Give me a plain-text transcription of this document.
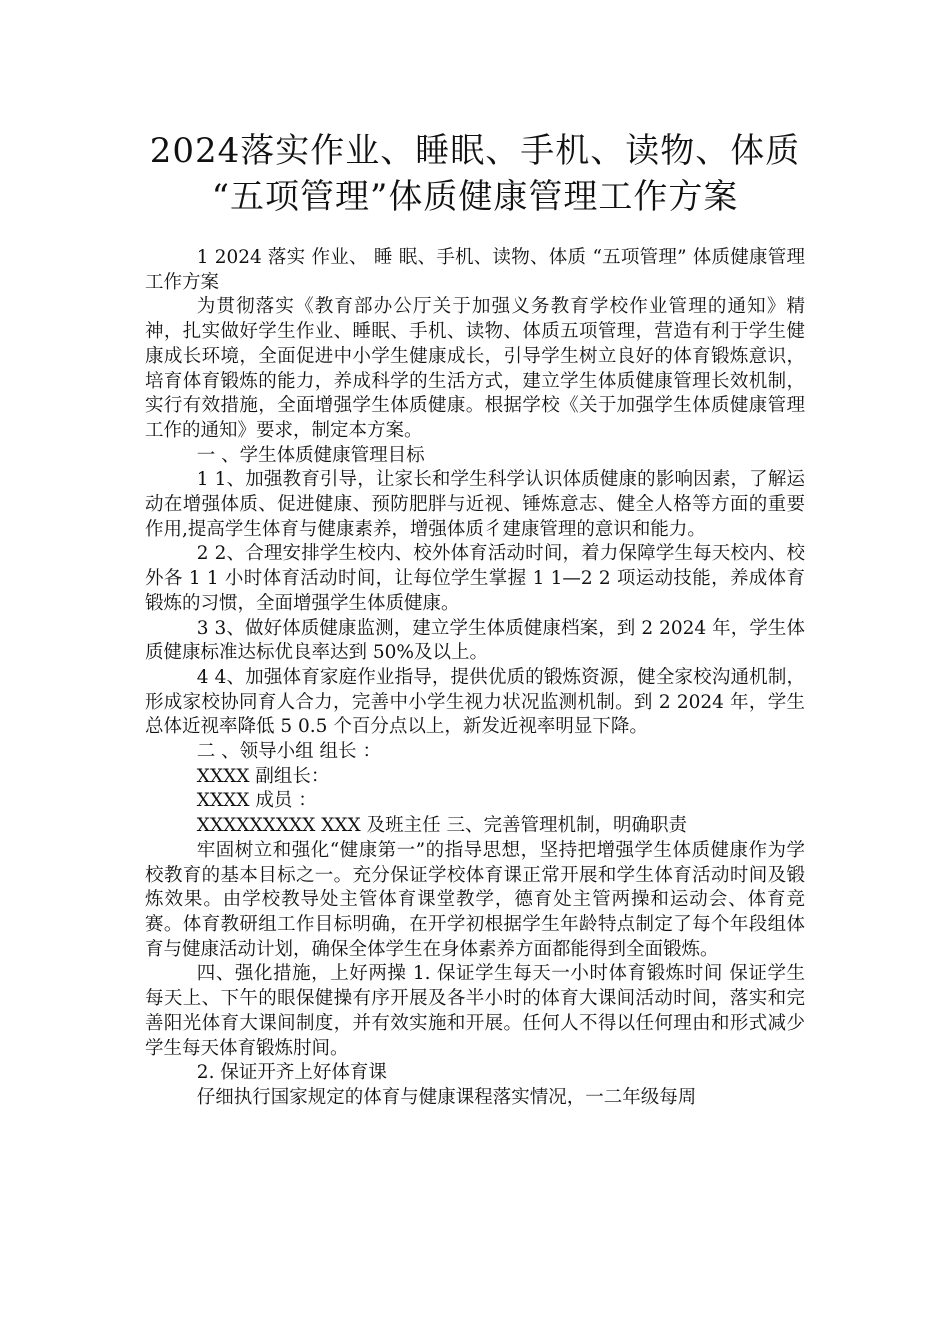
2024落实作业、睡眠、手机、读物、体质
“五项管理”体质健康管理工作方案

1 2024 落实 作业、 睡 眠、手机、读物、体质 “五项管理” 体质健康管理工作方案

为贯彻落实《教育部办公厅关于加强义务教育学校作业管理的通知》精神，扎实做好学生作业、睡眠、手机、读物、体质五项管理，营造有利于学生健康成长环境，全面促进中小学生健康成长，引导学生树立良好的体育锻炼意识，培育体育锻炼的能力，养成科学的生活方式，建立学生体质健康管理长效机制，实行有效措施，全面增强学生体质健康。根据学校《关于加强学生体质健康管理工作的通知》要求，制定本方案。

一 、学生体质健康管理目标

1 1、加强教育引导，让家长和学生科学认识体质健康的影响因素，了解运动在增强体质、促进健康、预防肥胖与近视、锤炼意志、健全人格等方面的重要作用,提高学生体育与健康素养，增强体质彳建康管理的意识和能力。

2 2、合理安排学生校内、校外体育活动时间，着力保障学生每天校内、校外各 1 1 小时体育活动时间，让每位学生掌握 1 1—2 2 项运动技能，养成体育锻炼的习惯，全面增强学生体质健康。

3 3、做好体质健康监测，建立学生体质健康档案，到 2 2024 年，学生体质健康标准达标优良率达到 50%及以上。

4 4、加强体育家庭作业指导，提供优质的锻炼资源，健全家校沟通机制，形成家校协同育人合力，完善中小学生视力状况监测机制。到 2 2024 年，学生总体近视率降低 5 0.5 个百分点以上，新发近视率明显下降。

二 、领导小组 组长 ：

XXXX 副组长：

XXXX 成员 ：

XXXXXXXXX XXX 及班主任 三、完善管理机制，明确职责

牢固树立和强化“健康第一”的指导思想，坚持把增强学生体质健康作为学校教育的基本目标之一。充分保证学校体育课正常开展和学生体育活动时间及锻炼效果。由学校教导处主管体育课堂教学，德育处主管两操和运动会、体育竞赛。体育教研组工作目标明确，在开学初根据学生年龄特点制定了每个年段组体育与健康活动计划，确保全体学生在身体素养方面都能得到全面锻炼。

四、强化措施，上好两操 1. 保证学生每天一小时体育锻炼时间 保证学生每天上、下午的眼保健操有序开展及各半小时的体育大课间活动时间，落实和完善阳光体育大课间制度，并有效实施和开展。任何人不得以任何理由和形式减少学生每天体育锻炼肘间。

2. 保证开齐上好体育课

仔细执行国家规定的体育与健康课程落实情况，一二年级每周
